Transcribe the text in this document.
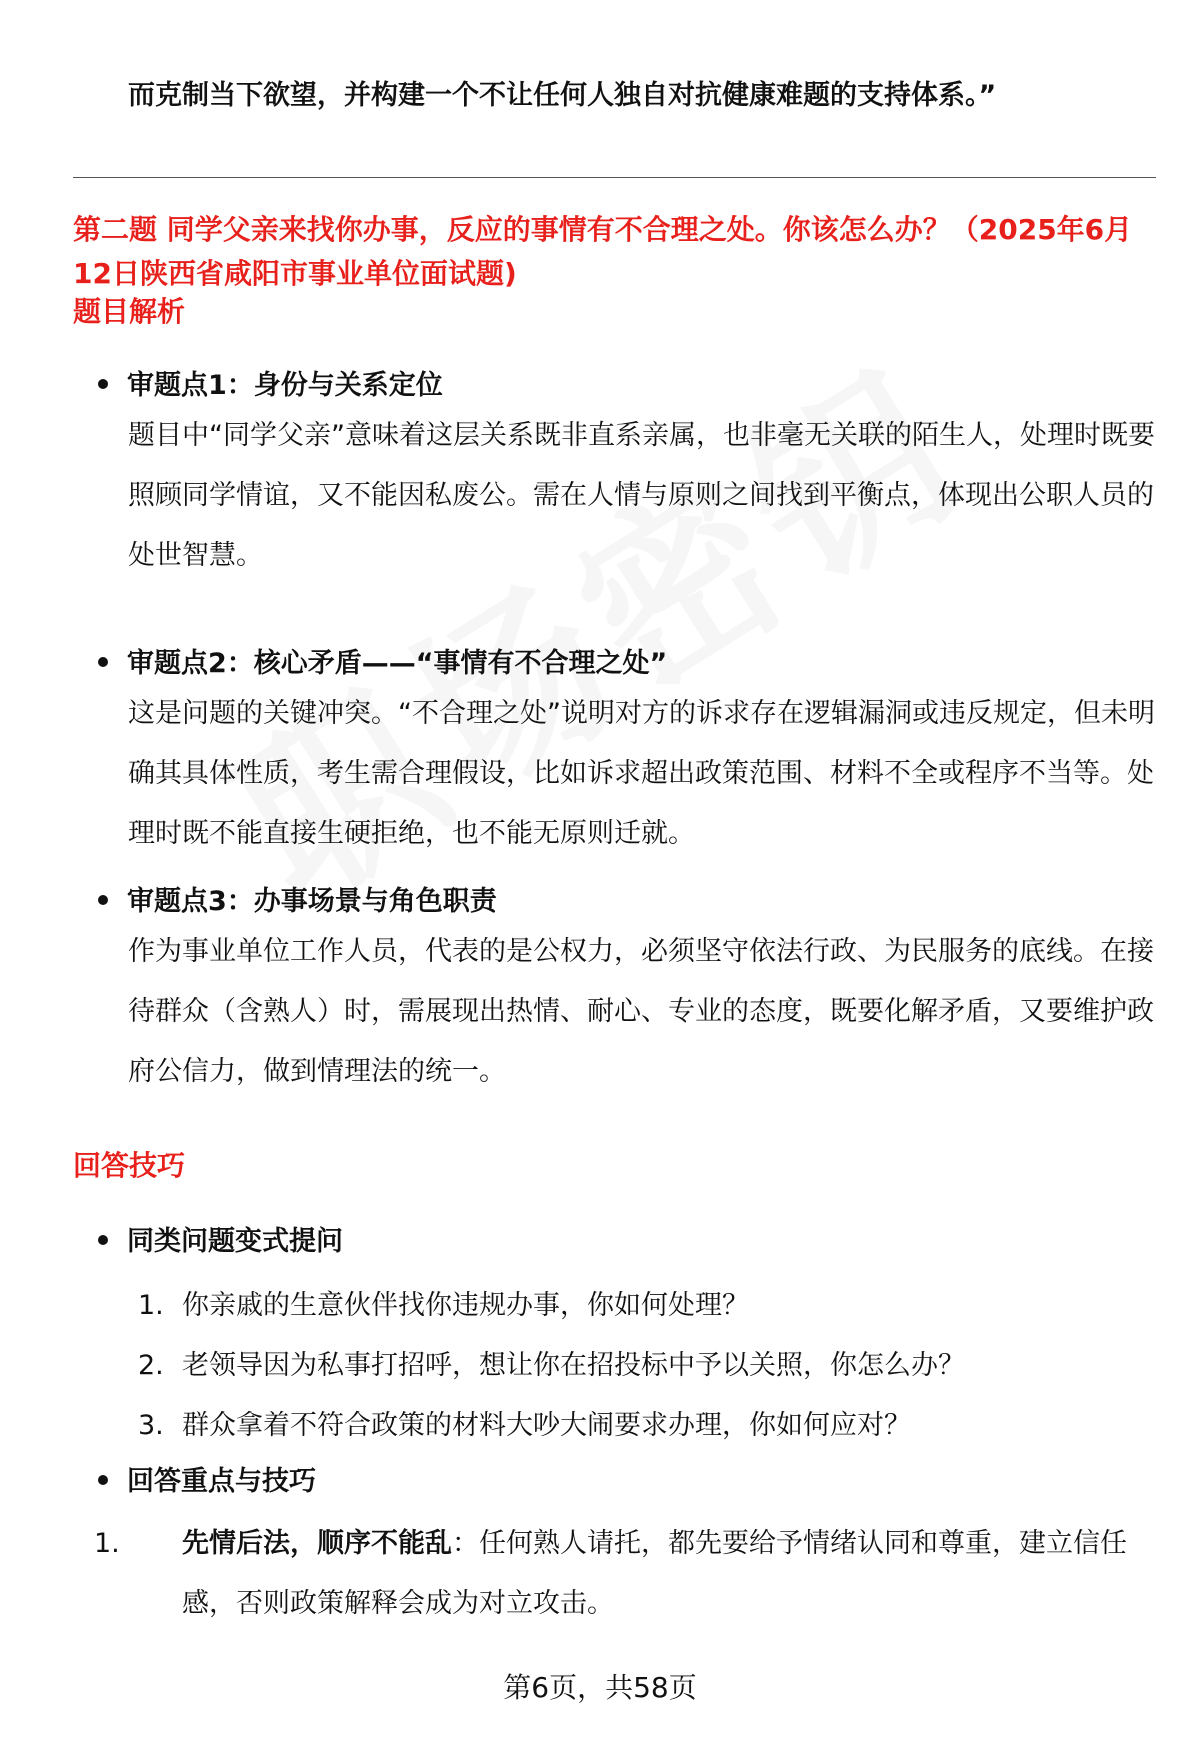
而克制当下欲望，并构建一个不让任何人独自对抗健康难题的支持体系。”
第二题 同学父亲来找你办事，反应的事情有不合理之处。你该怎么办？（2025年6月12日陕西省咸阳市事业单位面试题)
题目解析
审题点1：身份与关系定位
题目中“同学父亲”意味着这层关系既非直系亲属，也非毫无关联的陌生人，处理时既要照顾同学情谊，又不能因私废公。需在人情与原则之间找到平衡点，体现出公职人员的处世智慧。
审题点2：核心矛盾——“事情有不合理之处”
这是问题的关键冲突。“不合理之处”说明对方的诉求存在逻辑漏洞或违反规定，但未明确其具体性质，考生需合理假设，比如诉求超出政策范围、材料不全或程序不当等。处理时既不能直接生硬拒绝，也不能无原则迁就。
审题点3：办事场景与角色职责
作为事业单位工作人员，代表的是公权力，必须坚守依法行政、为民服务的底线。在接待群众（含熟人）时，需展现出热情、耐心、专业的态度，既要化解矛盾，又要维护政府公信力，做到情理法的统一。
回答技巧
同类问题变式提问
1. 你亲戚的生意伙伴找你违规办事，你如何处理？
2. 老领导因为私事打招呼，想让你在招投标中予以关照，你怎么办？
3. 群众拿着不符合政策的材料大吵大闹要求办理，你如何应对？
回答重点与技巧
1. 先情后法，顺序不能乱：任何熟人请托，都先要给予情绪认同和尊重，建立信任感，否则政策解释会成为对立攻击。
第6页，共58页
